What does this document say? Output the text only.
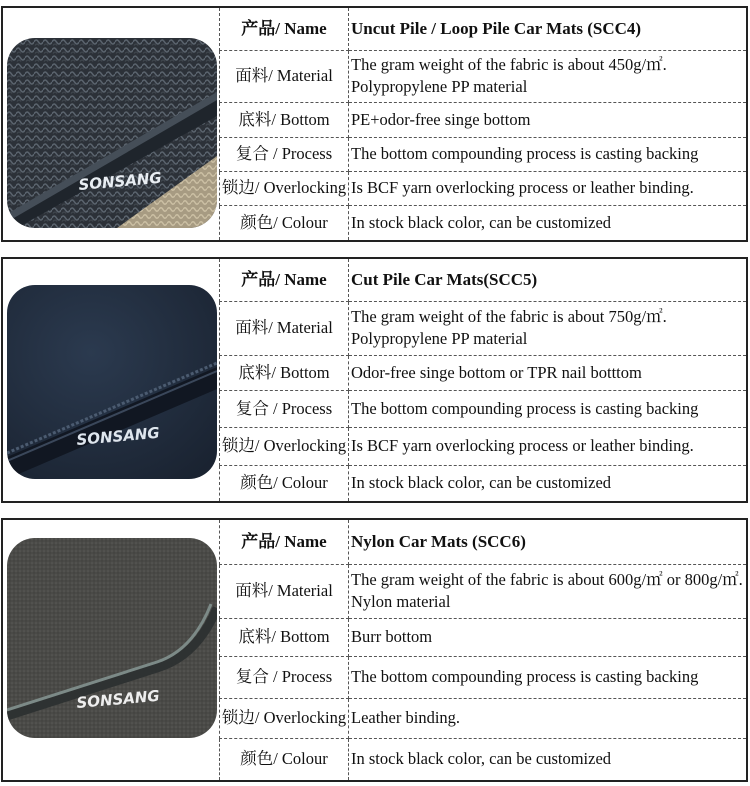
SONSANG
产品/ Name	Uncut Pile / Loop Pile Car Mats (SCC4)
面料/ Material	The gram weight of the fabric is about 450g/㎡. Polypropylene PP material
底料/ Bottom	PE+odor-free singe bottom
复合 / Process	The bottom compounding process is casting backing
锁边/ Overlocking	Is BCF yarn overlocking process or leather binding.
颜色/ Colour	In stock black color, can be customized
SONSANG
产品/ Name	Cut Pile Car Mats(SCC5)
面料/ Material	The gram weight of the fabric is about 750g/㎡. Polypropylene PP material
底料/ Bottom	Odor-free singe bottom or TPR nail botttom
复合 / Process	The bottom compounding process is casting backing
锁边/ Overlocking	Is BCF yarn overlocking process or leather binding.
颜色/ Colour	In stock black color, can be customized
SONSANG
产品/ Name	Nylon Car Mats (SCC6)
面料/ Material	The gram weight of the fabric is about 600g/㎡ or 800g/㎡. Nylon material
底料/ Bottom	Burr bottom
复合 / Process	The bottom compounding process is casting backing
锁边/ Overlocking	Leather binding.
颜色/ Colour	In stock black color, can be customized
